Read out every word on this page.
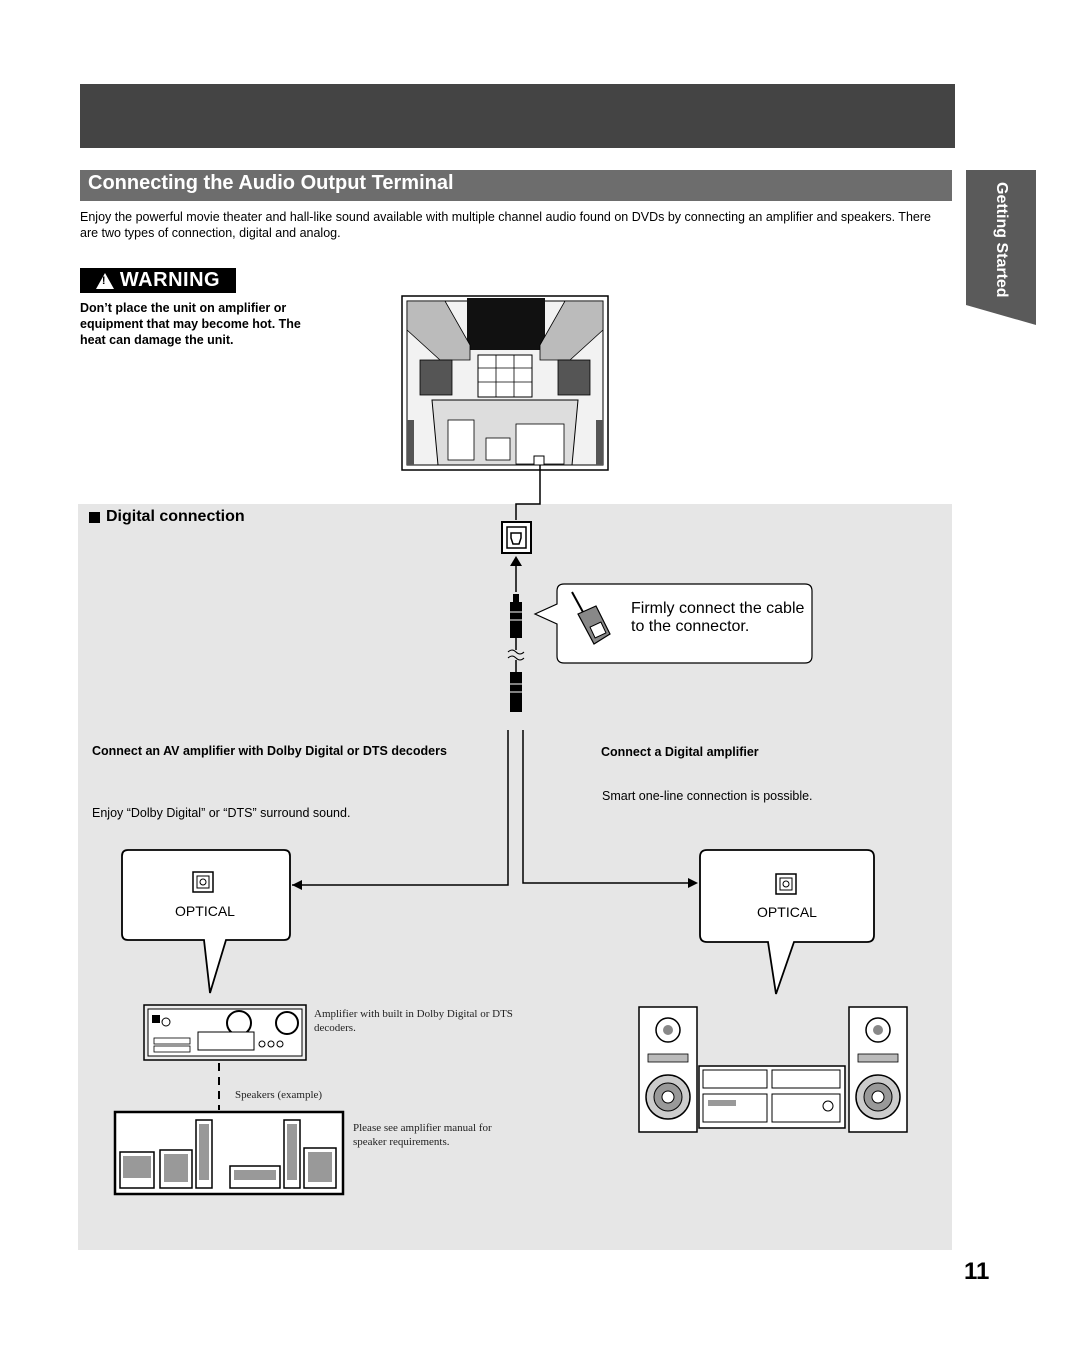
Connecting the Audio Output Terminal
Enjoy the powerful movie theater and hall-like sound available with multiple channel audio found on DVDs by connecting an amplifier and speakers. There are two types of connection, digital and analog.	Getting Started
!
WARNING
Don’t place the unit on amplifier or equipment that may become hot. The heat can damage the unit.
Digital connection
Firmly connect the cable to the connector.
Connect an AV amplifier with Dolby Digital or DTS decoders	Connect a Digital amplifier
Enjoy “Dolby Digital” or “DTS” surround sound.
Smart one-line connection is possible.
OPTICAL	OPTICAL
Amplifier with built in Dolby Digital or DTS decoders.
Speakers (example)
Please see amplifier manual for speaker requirements.
11
